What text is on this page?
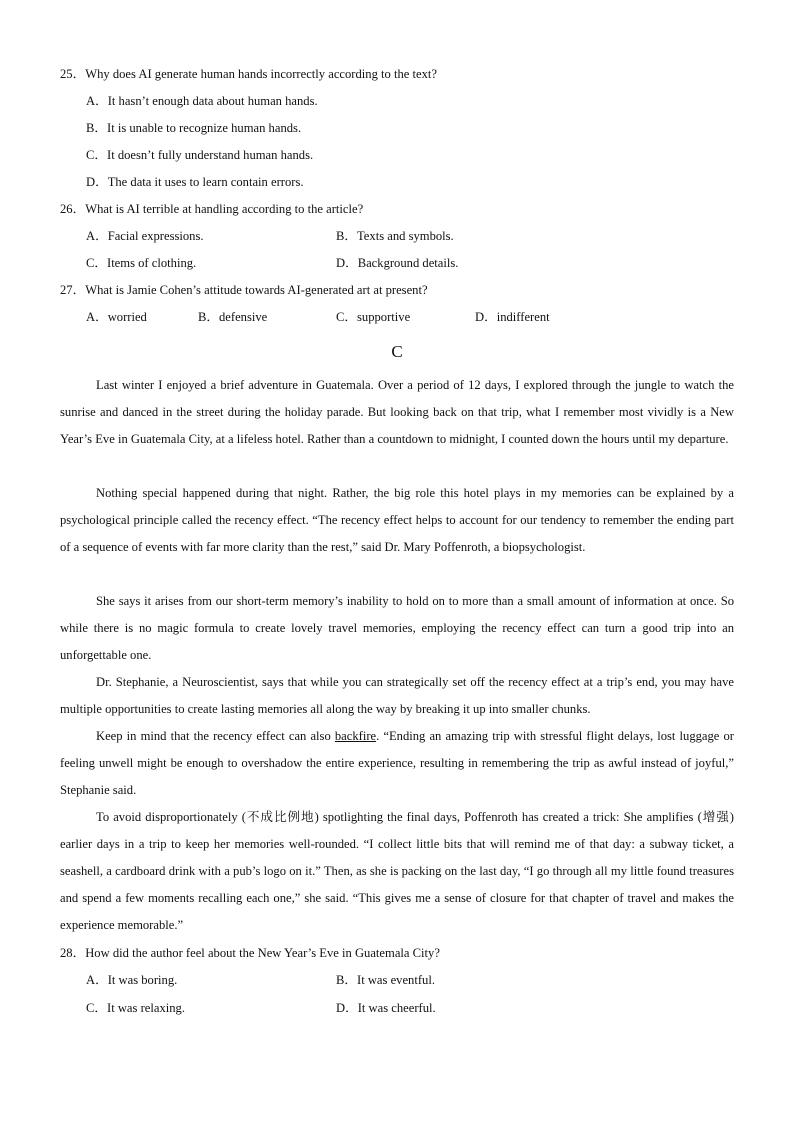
25．Why does AI generate human hands incorrectly according to the text?
A．It hasn’t enough data about human hands.
B．It is unable to recognize human hands.
C．It doesn’t fully understand human hands.
D．The data it uses to learn contain errors.
26．What is AI terrible at handling according to the article?
A．Facial expressions.	B．Texts and symbols.
C．Items of clothing.	D．Background details.
27．What is Jamie Cohen’s attitude towards AI-generated art at present?
A．worried	B．defensive	C．supportive	D．indifferent
C

Last winter I enjoyed a brief adventure in Guatemala. Over a period of 12 days, I explored through the jungle to watch the sunrise and danced in the street during the holiday parade. But looking back on that trip, what I remember most vividly is a New Year’s Eve in Guatemala City, at a lifeless hotel. Rather than a countdown to midnight, I counted down the hours until my departure.

Nothing special happened during that night. Rather, the big role this hotel plays in my memories can be explained by a psychological principle called the recency effect. “The recency effect helps to account for our tendency to remember the ending part of a sequence of events with far more clarity than the rest,” said Dr. Mary Poffenroth, a biopsychologist.

She says it arises from our short-term memory’s inability to hold on to more than a small amount of information at once. So while there is no magic formula to create lovely travel memories, employing the recency effect can turn a good trip into an unforgettable one.

Dr. Stephanie, a Neuroscientist, says that while you can strategically set off the recency effect at a trip’s end, you may have multiple opportunities to create lasting memories all along the way by breaking it up into smaller chunks.

Keep in mind that the recency effect can also backfire. “Ending an amazing trip with stressful flight delays, lost luggage or feeling unwell might be enough to overshadow the entire experience, resulting in remembering the trip as awful instead of joyful,” Stephanie said.

To avoid disproportionately (不成比例地) spotlighting the final days, Poffenroth has created a trick: She amplifies (增强) earlier days in a trip to keep her memories well-rounded. “I collect little bits that will remind me of that day: a subway ticket, a seashell, a cardboard drink with a pub’s logo on it.” Then, as she is packing on the last day, “I go through all my little found treasures and spend a few moments recalling each one,” she said. “This gives me a sense of closure for that chapter of travel and makes the experience memorable.”

28．How did the author feel about the New Year’s Eve in Guatemala City?
A．It was boring.	B．It was eventful.
C．It was relaxing.	D．It was cheerful.
